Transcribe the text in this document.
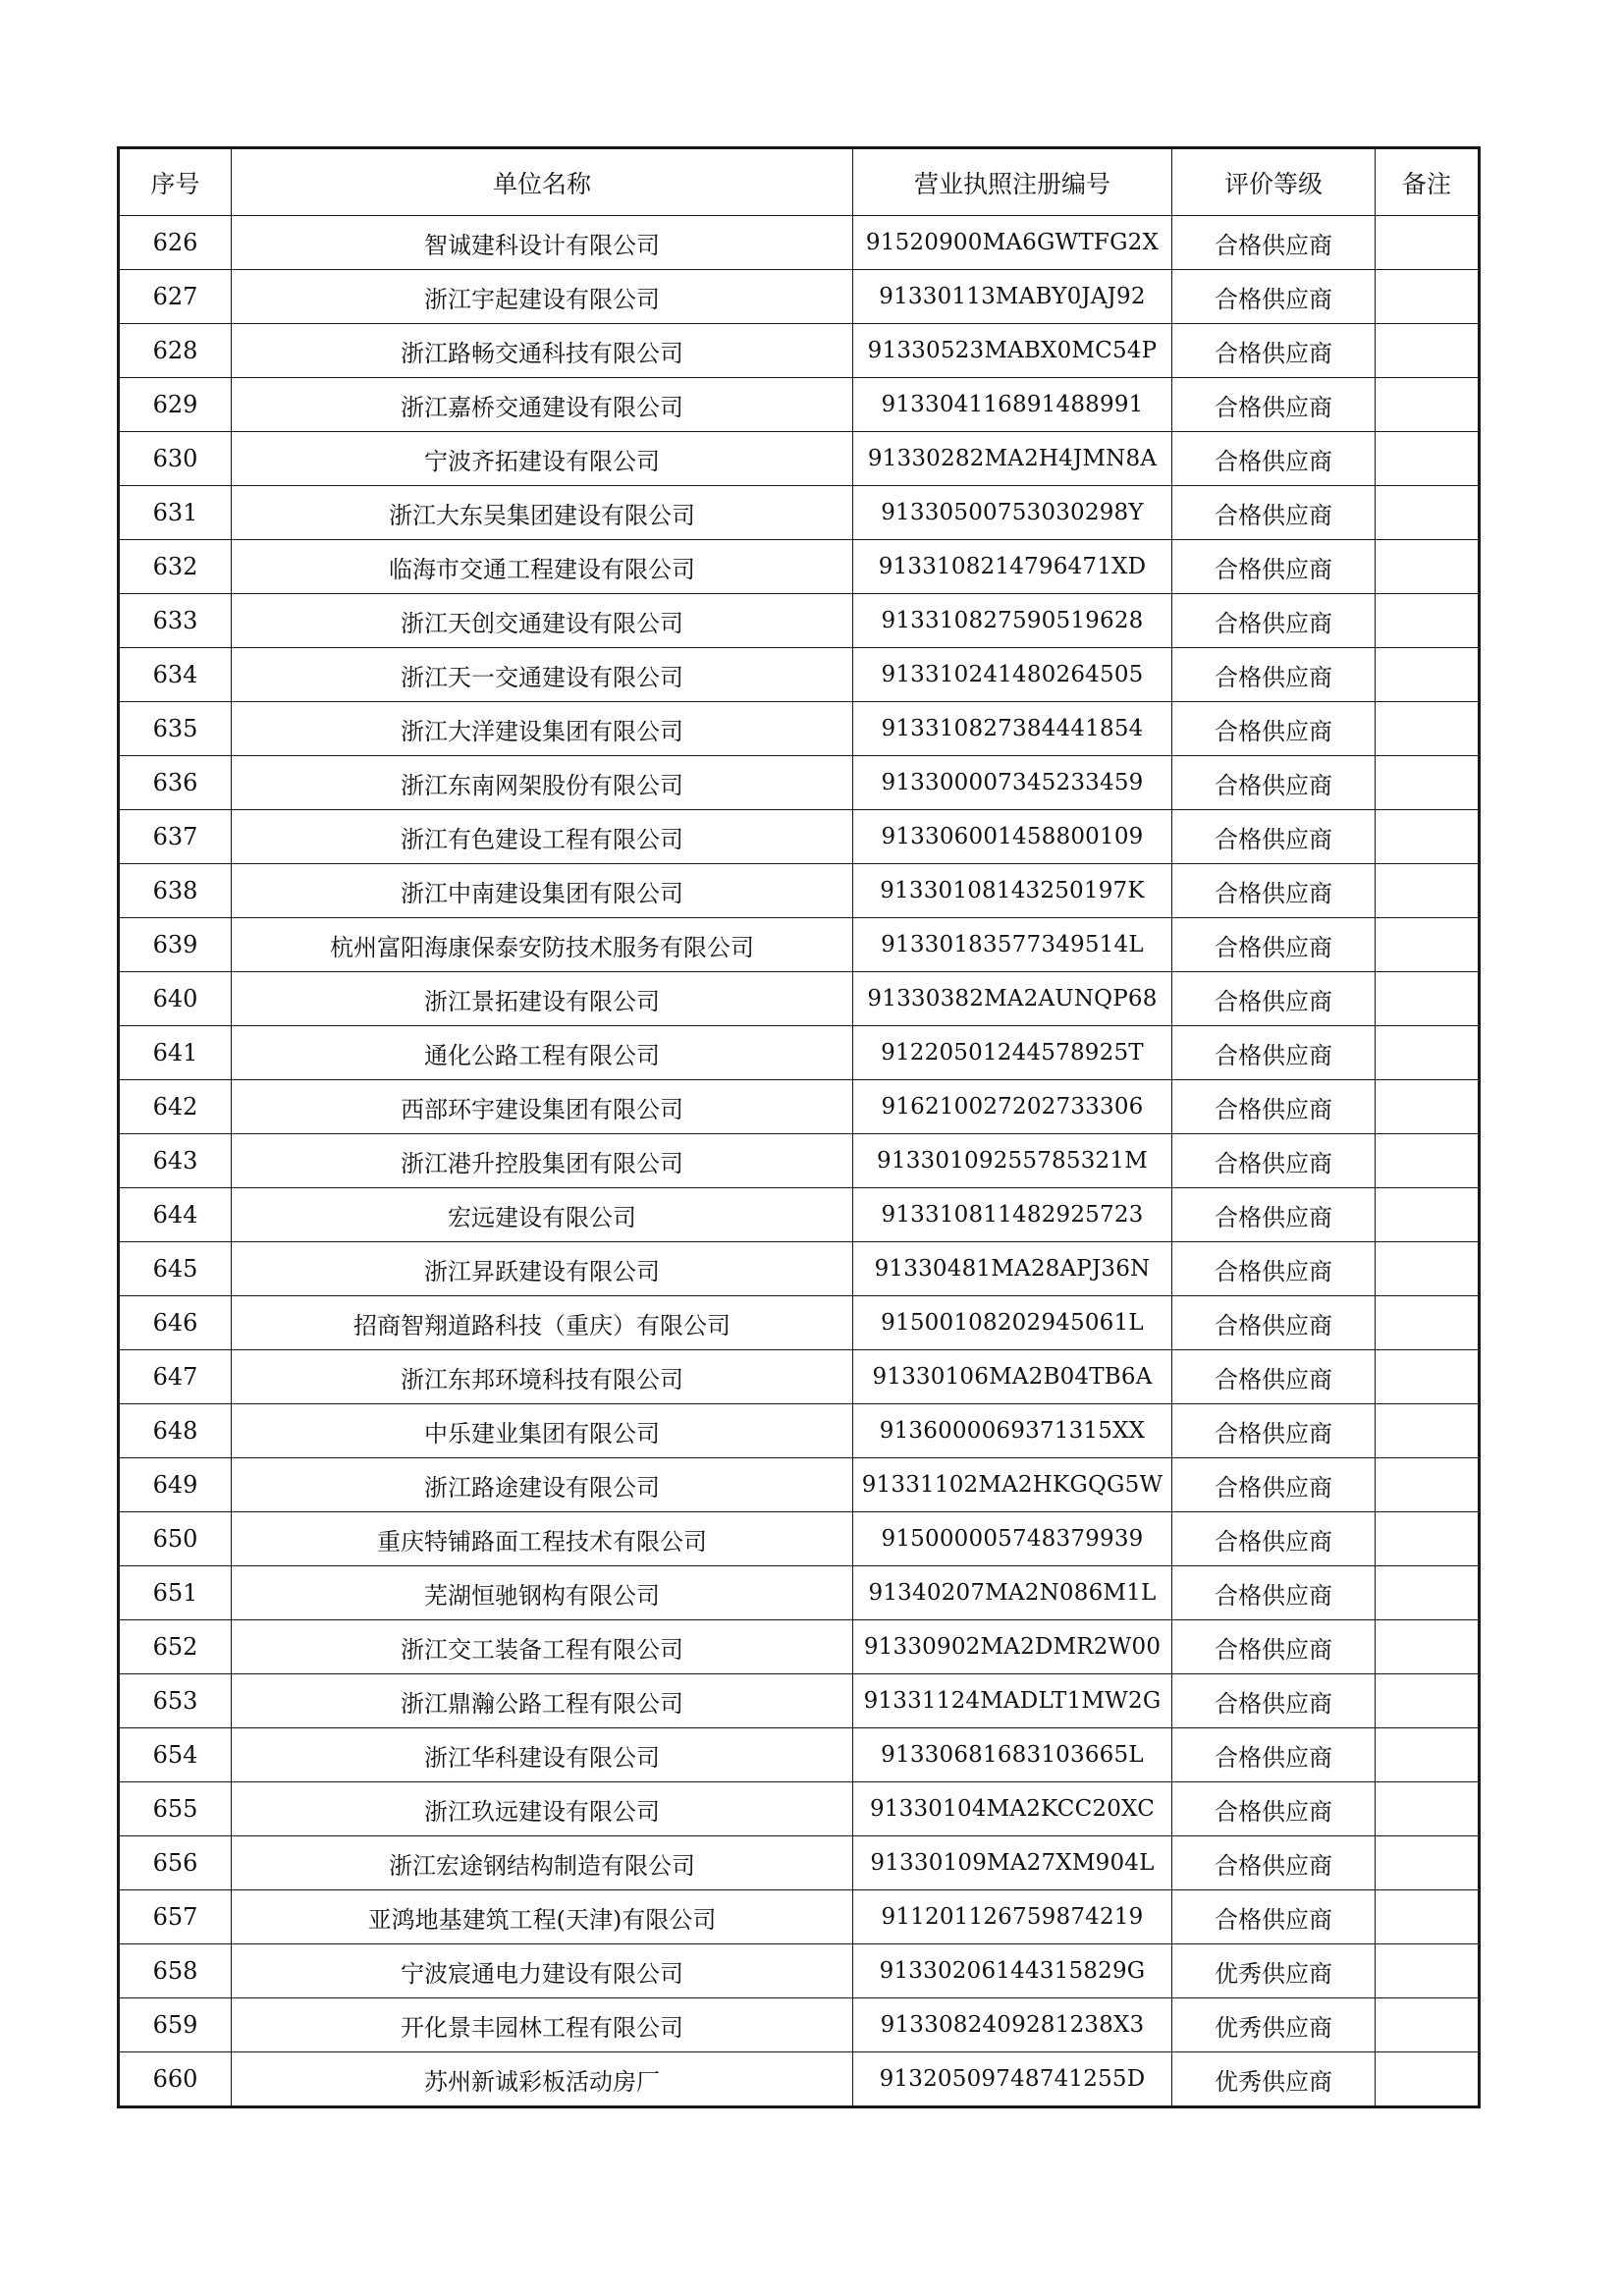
序号	单位名称	营业执照注册编号	评价等级	备注
626	智诚建科设计有限公司	91520900MA6GWTFG2X	合格供应商	
627	浙江宇起建设有限公司	91330113MABY0JAJ92	合格供应商	
628	浙江路畅交通科技有限公司	91330523MABX0MC54P	合格供应商	
629	浙江嘉桥交通建设有限公司	913304116891488991	合格供应商	
630	宁波齐拓建设有限公司	91330282MA2H4JMN8A	合格供应商	
631	浙江大东吴集团建设有限公司	91330500753030298Y	合格供应商	
632	临海市交通工程建设有限公司	9133108214796471XD	合格供应商	
633	浙江天创交通建设有限公司	913310827590519628	合格供应商	
634	浙江天一交通建设有限公司	913310241480264505	合格供应商	
635	浙江大洋建设集团有限公司	913310827384441854	合格供应商	
636	浙江东南网架股份有限公司	913300007345233459	合格供应商	
637	浙江有色建设工程有限公司	913306001458800109	合格供应商	
638	浙江中南建设集团有限公司	91330108143250197K	合格供应商	
639	杭州富阳海康保泰安防技术服务有限公司	91330183577349514L	合格供应商	
640	浙江景拓建设有限公司	91330382MA2AUNQP68	合格供应商	
641	通化公路工程有限公司	91220501244578925T	合格供应商	
642	西部环宇建设集团有限公司	916210027202733306	合格供应商	
643	浙江港升控股集团有限公司	91330109255785321M	合格供应商	
644	宏远建设有限公司	913310811482925723	合格供应商	
645	浙江昇跃建设有限公司	91330481MA28APJ36N	合格供应商	
646	招商智翔道路科技（重庆）有限公司	91500108202945061L	合格供应商	
647	浙江东邦环境科技有限公司	91330106MA2B04TB6A	合格供应商	
648	中乐建业集团有限公司	9136000069371315XX	合格供应商	
649	浙江路途建设有限公司	91331102MA2HKGQG5W	合格供应商	
650	重庆特铺路面工程技术有限公司	915000005748379939	合格供应商	
651	芜湖恒驰钢构有限公司	91340207MA2N086M1L	合格供应商	
652	浙江交工装备工程有限公司	91330902MA2DMR2W00	合格供应商	
653	浙江鼎瀚公路工程有限公司	91331124MADLT1MW2G	合格供应商	
654	浙江华科建设有限公司	91330681683103665L	合格供应商	
655	浙江玖远建设有限公司	91330104MA2KCC20XC	合格供应商	
656	浙江宏途钢结构制造有限公司	91330109MA27XM904L	合格供应商	
657	亚鸿地基建筑工程(天津)有限公司	911201126759874219	合格供应商	
658	宁波宸通电力建设有限公司	91330206144315829G	优秀供应商	
659	开化景丰园林工程有限公司	9133082409281238X3	优秀供应商	
660	苏州新诚彩板活动房厂	91320509748741255D	优秀供应商	
